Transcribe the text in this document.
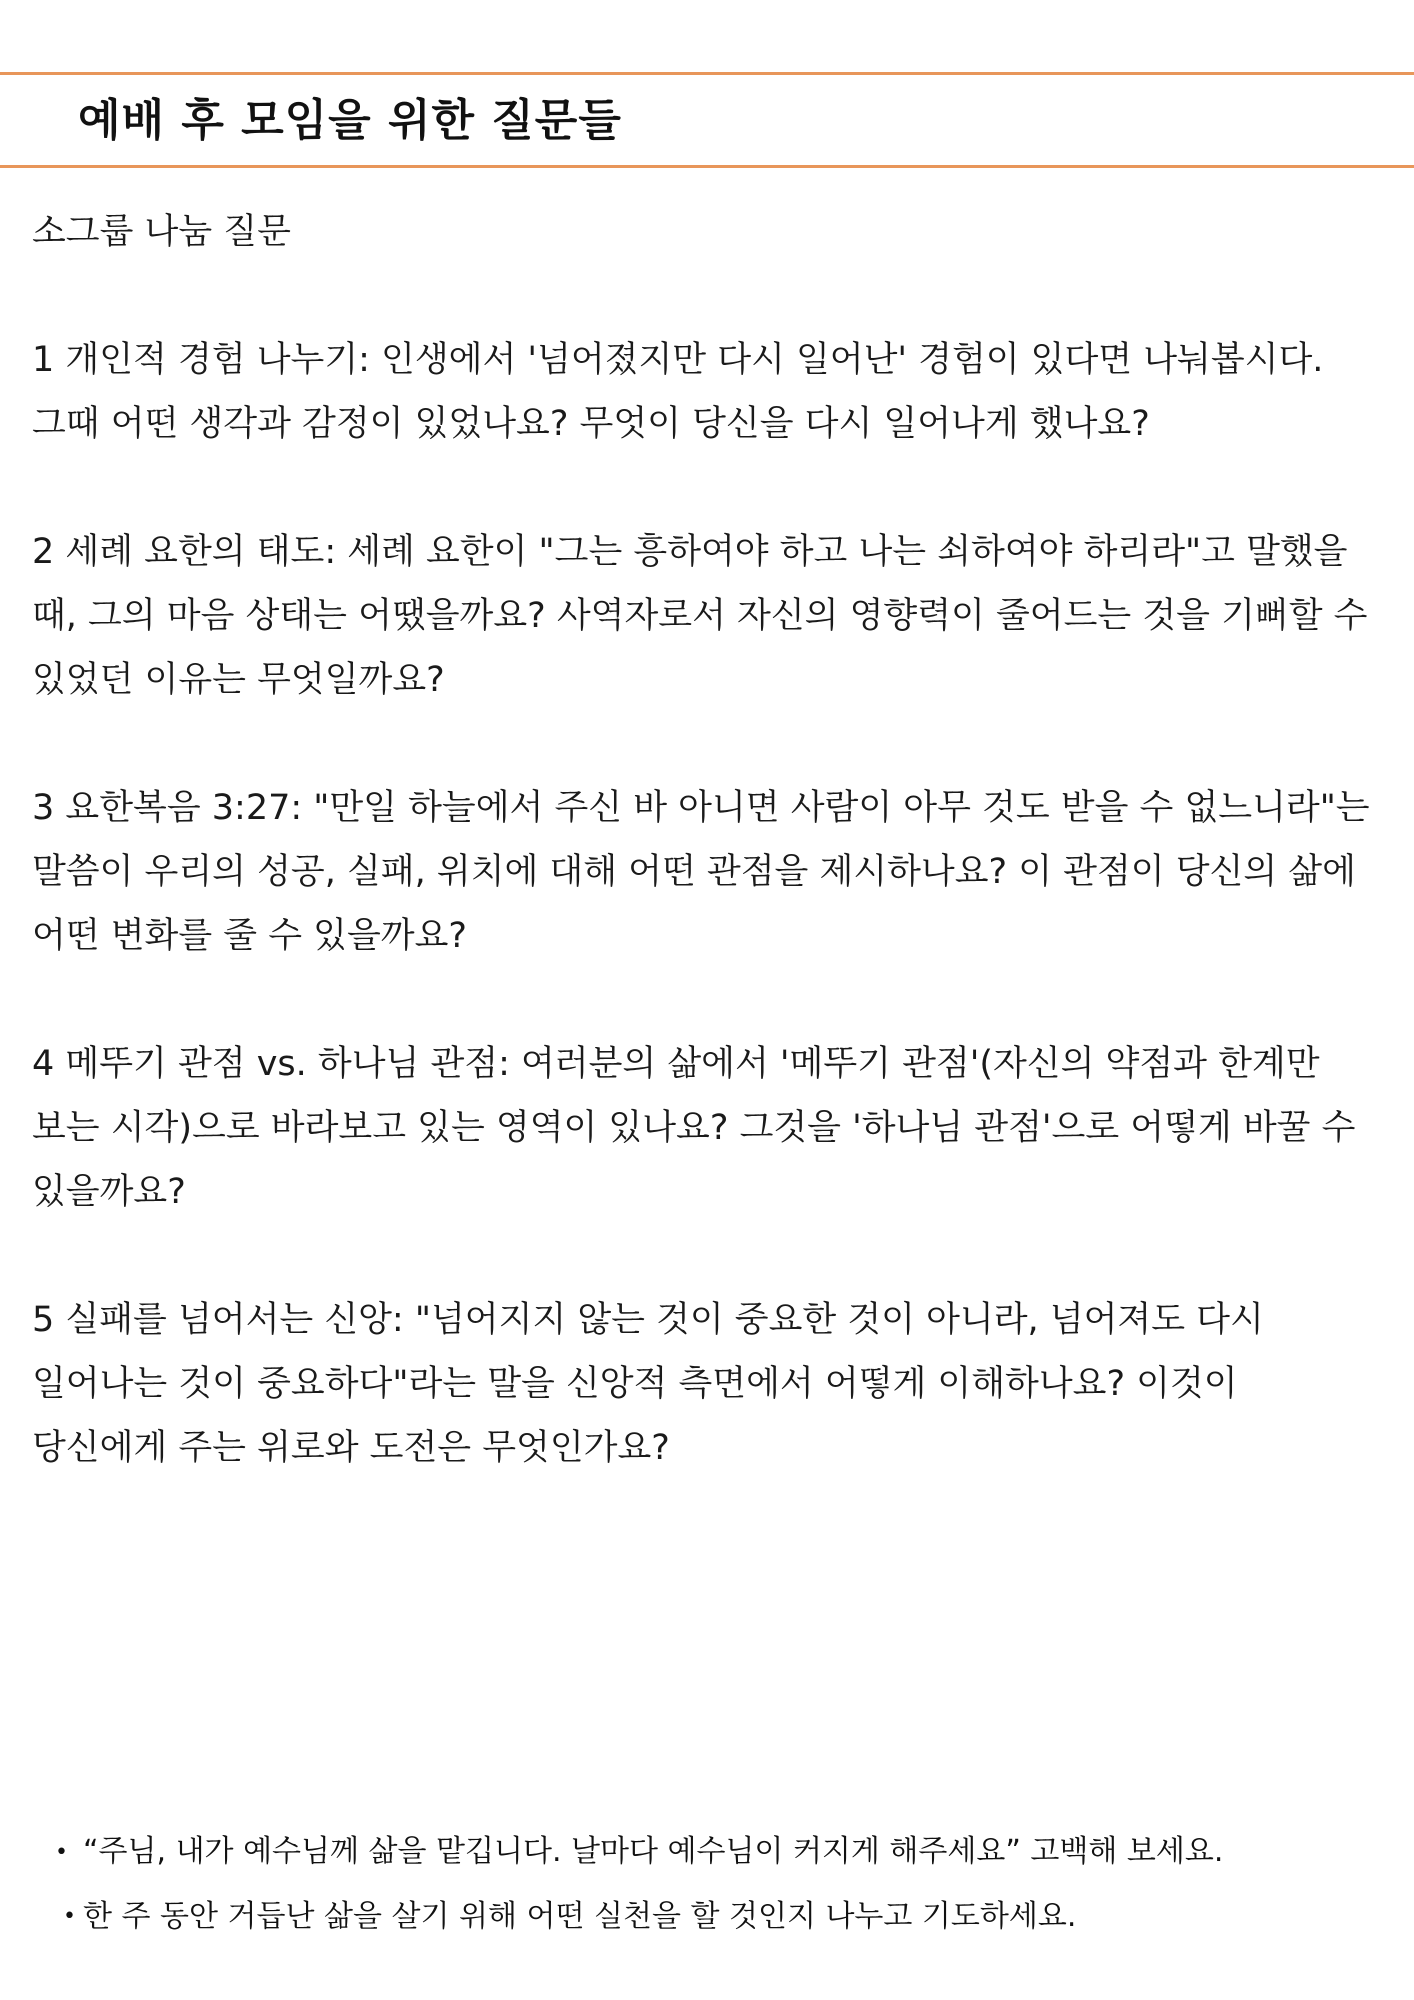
예배 후 모임을 위한 질문들

소그룹 나눔 질문

1 개인적 경험 나누기: 인생에서 '넘어졌지만 다시 일어난' 경험이 있다면 나눠봅시다. 그때 어떤 생각과 감정이 있었나요? 무엇이 당신을 다시 일어나게 했나요?

2 세례 요한의 태도: 세례 요한이 "그는 흥하여야 하고 나는 쇠하여야 하리라"고 말했을 때, 그의 마음 상태는 어땠을까요? 사역자로서 자신의 영향력이 줄어드는 것을 기뻐할 수 있었던 이유는 무엇일까요?

3 요한복음 3:27: "만일 하늘에서 주신 바 아니면 사람이 아무 것도 받을 수 없느니라"는 말씀이 우리의 성공, 실패, 위치에 대해 어떤 관점을 제시하나요? 이 관점이 당신의 삶에 어떤 변화를 줄 수 있을까요?

4 메뚜기 관점 vs. 하나님 관점: 여러분의 삶에서 '메뚜기 관점'(자신의 약점과 한계만 보는 시각)으로 바라보고 있는 영역이 있나요? 그것을 '하나님 관점'으로 어떻게 바꿀 수 있을까요?

5 실패를 넘어서는 신앙: "넘어지지 않는 것이 중요한 것이 아니라, 넘어져도 다시 일어나는 것이 중요하다"라는 말을 신앙적 측면에서 어떻게 이해하나요? 이것이 당신에게 주는 위로와 도전은 무엇인가요?

• “주님, 내가 예수님께 삶을 맡깁니다. 날마다 예수님이 커지게 해주세요” 고백해 보세요.
• 한 주 동안 거듭난 삶을 살기 위해 어떤 실천을 할 것인지 나누고 기도하세요.
